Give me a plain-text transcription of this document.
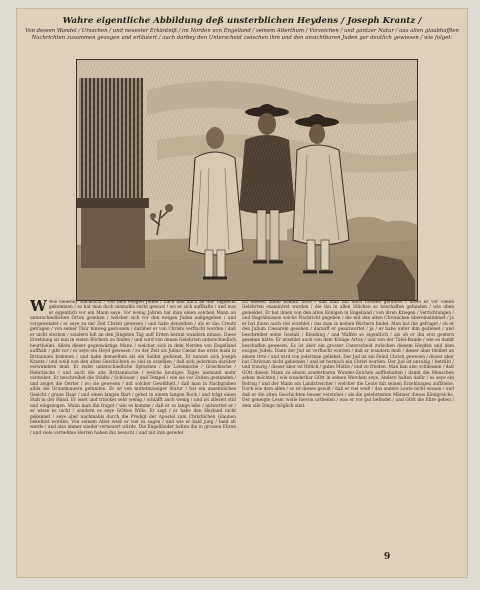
Wahre eigentliche Abbildung deß unsterblichen Heydens / Joseph Krantz /
Von dessen Wandel / Ursachen / und neuester Erkäntniß / im Norden von Engelland / seinem Alterthum / Vorzeichen / und gantzer Natur / aus allen glaubhafften Nachrichten zusammen gezogen und erläutert / auch darbey den Unterscheid zwischen ihm und den unsichtbaren Juden gar deutlich gewiesen / wie folget:
W Wie vielerley Nachricht / von dem ewigen Juden / nach und nach an das Tagliecht gekommen / so hat man doch niemahls recht gewust / wo er sich auffhalte / und was er eigentlich vor ein Mann seye. Vor wenig Jahren hat man einen solchen Mann an unterschiedlichen Orten gesehen / welcher sich vor den ewigen Juden außgegeben / und vorgewendet / er seye zu der Zeit Christi gewesen / und habe denselben / als er das Creutz getragen / von seiner Thür hinweg gestossen / darüber er von Christo verflucht worden / daß er nicht sterben / sondern biß an den Jüngsten Tag auff Erden herum wandern müsse. Diese Erzehlung ist nun in vielen Büchern zu finden / und wird von denen Gelehrten unterschiedlich beurtheilet. Allein dieser gegenwärtige Mann / welcher sich in dem Norden von Engelland auffhält / gibt vor / er seye ein Heyd gewesen / zu der Zeit als Julius Cæsar das erste mahl in Britannien kommen / und habe demselben als ein Soldat gedienet. Er nennet sich Joseph Krantz / und weiß von den alten Geschichten so viel zu erzehlen / daß sich jederman darüber verwundern muß. Er redet unterschiedliche Sprachen / die Lateinische / Griechische / Hebräische / und auch die alte Brittannische / welche heutiges Tages niemand mehr verstehet. Er beschreibet die Städte / Schlösser / und Tempel / wie sie vor Zeiten gestanden / und zeiget die Oerter / wo sie gewesen / mit solcher Gewißheit / daß man in Nachgraben allda die Grundmauern gefunden. Er ist von mittelmässiger Statur / hat ein ansehnliches Gesicht / graue Haar / und einen langen Bart / gehet in einem langen Rock / und trägt einen Stab in der Hand. Er isset und trincket sehr wenig / schläfft auch wenig / und ist allezeit still und eingezogen. Wann man ihn fraget / wie es komme / daß er so lange lebe / antwortet er / er wisse es nicht / sondern es seye GOttes Wille. Er sagt / er habe den Heyland nicht gekennet / seye aber nachmahls durch die Predigt der Apostel zum Christlichen Glauben bekehret worden. Von seinem Alter weiß er viel zu sagen / und wie er bald jung / bald alt werde / und also immer wieder verneuert würde. Die Engelländer halten ihn in grossen Ehren / und viele vornehme Herren haben ihn besucht / und mit ihm geredet.
Zu diesem allem kommt noch / daß man ihn nach Londen geführet / allwo er vor vielen Gelehrten examiniret worden / die ihn in allen Stücken so beschaffen gefunden / wie oben gemeldet. Er hat ihnen von den alten Königen in Engelland / von ihren Kriegen / Verrichtungen / und Begräbnissen solche Nachricht gegeben / die mit den alten Chronicken übereinstimmet / ja er hat ihnen auch viel erzehlet / das man in keinen Büchern findet. Man hat ihn gefraget / ob er den Julium Cæsarem gesehen / darauff er geantwortet / ja / er habe unter ihm gedienet / und beschreibet seine Gestalt / Kleidung / und Waffen so eigentlich / als ob er ihn erst gestern gesehen hätte. Er erzehlet auch von dem Könige Artus / und von der Tafel-Runde / wie es damit beschaffen gewesen. Es ist aber ein grosser Unterscheid zwischen diesem Heyden und dem ewigen Juden: Dann der Jud ist verflucht worden / daß er wandern muß / dieser aber bleibet an einem Orte / und wird von jederman geliebet. Der Jud ist ein Feind Christi gewesen / dieser aber hat Christum nicht gekennet / und ist hernach ein Christ worden. Der Jud ist unruhig / betrübt / und traurig / dieser aber ist frölich / gutes Muths / und zu frieden. Man kan also schliessen / daß GOtt diesen Mann zu einem sonderbaren Wunder-Zeichen auffbehalten / damit die Menschen sehen möchten / wie wunderbar GOtt in seinen Wercken seye. Andere halten dafür / es seye ein Betrug / und der Mann ein Landstreicher / welcher die Leute mit seinen Erzehlungen auffziehe. Doch wie dem allen / so ist dieses gewiß / daß er viel weiß / das andere Leute nicht wissen / und daß er die alten Geschichten besser verstehet / als die gelehrtesten Männer dieses Königreichs. Der geneigte Leser wolle hievon urtheilen / was er vor gut befindet / und GOtt die Ehre geben / dem alle Dinge möglich sind.
9
